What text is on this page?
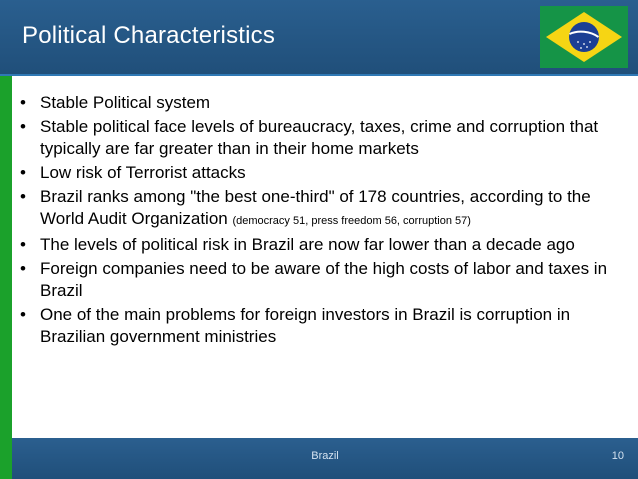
Political Characteristics
• Stable Political system
• Stable political face levels of bureaucracy, taxes, crime and corruption that typically are far greater than in their home markets
• Low risk of Terrorist attacks
• Brazil ranks among "the best one-third" of 178 countries, according to the World Audit Organization (democracy 51, press freedom 56, corruption 57)
• The levels of political risk in Brazil are now far lower than a decade ago
• Foreign companies need to be aware of the high costs of labor and taxes in Brazil
• One of the main problems for foreign investors in Brazil is corruption in Brazilian government ministries
Brazil	10
